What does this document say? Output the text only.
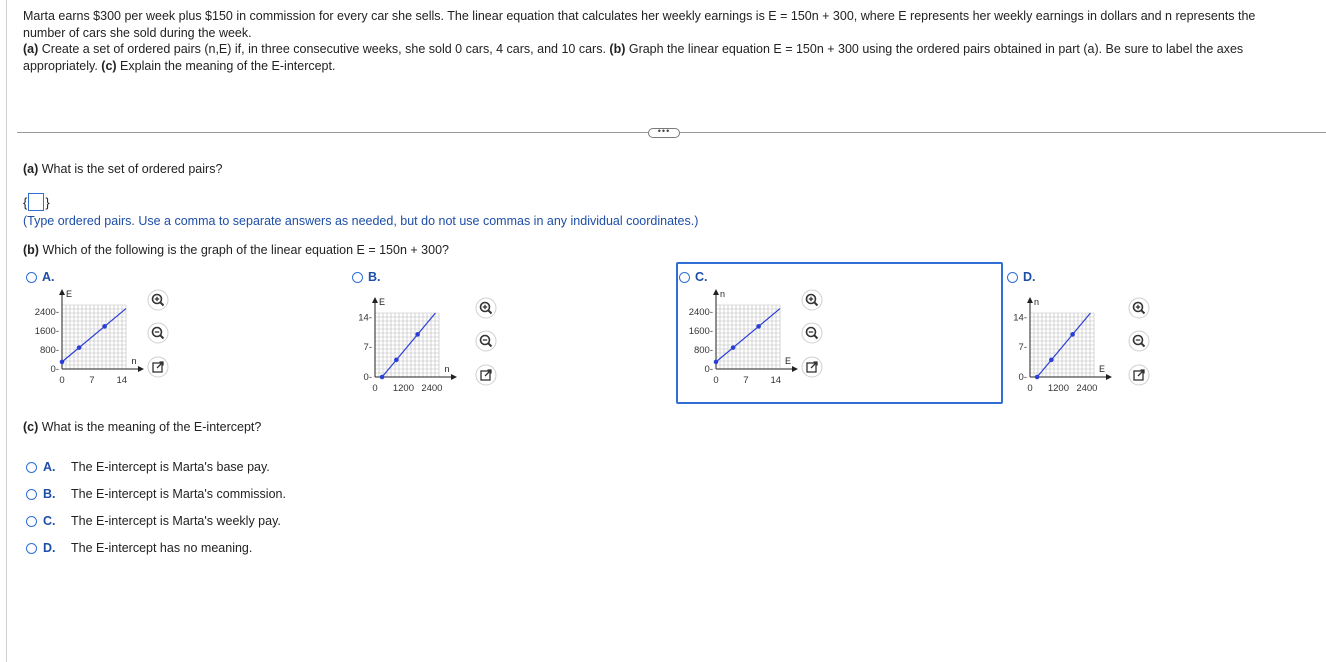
Marta earns $300 per week plus $150 in commission for every car she sells. The linear equation that calculates her weekly earnings is E = 150n + 300, where E represents her weekly earnings in dollars and n represents the
number of cars she sold during the week.
(a) Create a set of ordered pairs (n,E) if, in three consecutive weeks, she sold 0 cars, 4 cars, and 10 cars. (b) Graph the linear equation E = 150n + 300 using the ordered pairs obtained in part (a). Be sure to label the axes
appropriately. (c) Explain the meaning of the E-intercept.
•••
(a) What is the set of ordered pairs?
{ }
(Type ordered pairs. Use a comma to separate answers as needed, but do not use commas in any individual coordinates.)
(b) Which of the following is the graph of the linear equation E = 150n + 300?
A.
n
E
0	7 14
0-
800-
1600-
2400-
B.
n
E
0 1200 2400
0-
7-
14-
C.
E
n
0	7 14
0-
800-
1600-
2400-
D.
E
n
0 1200 2400
0-
7-
14-
(c) What is the meaning of the E-intercept?
A.	The E-intercept is Marta's base pay.
B.	The E-intercept is Marta's commission.
C.	The E-intercept is Marta's weekly pay.
D.	The E-intercept has no meaning.
